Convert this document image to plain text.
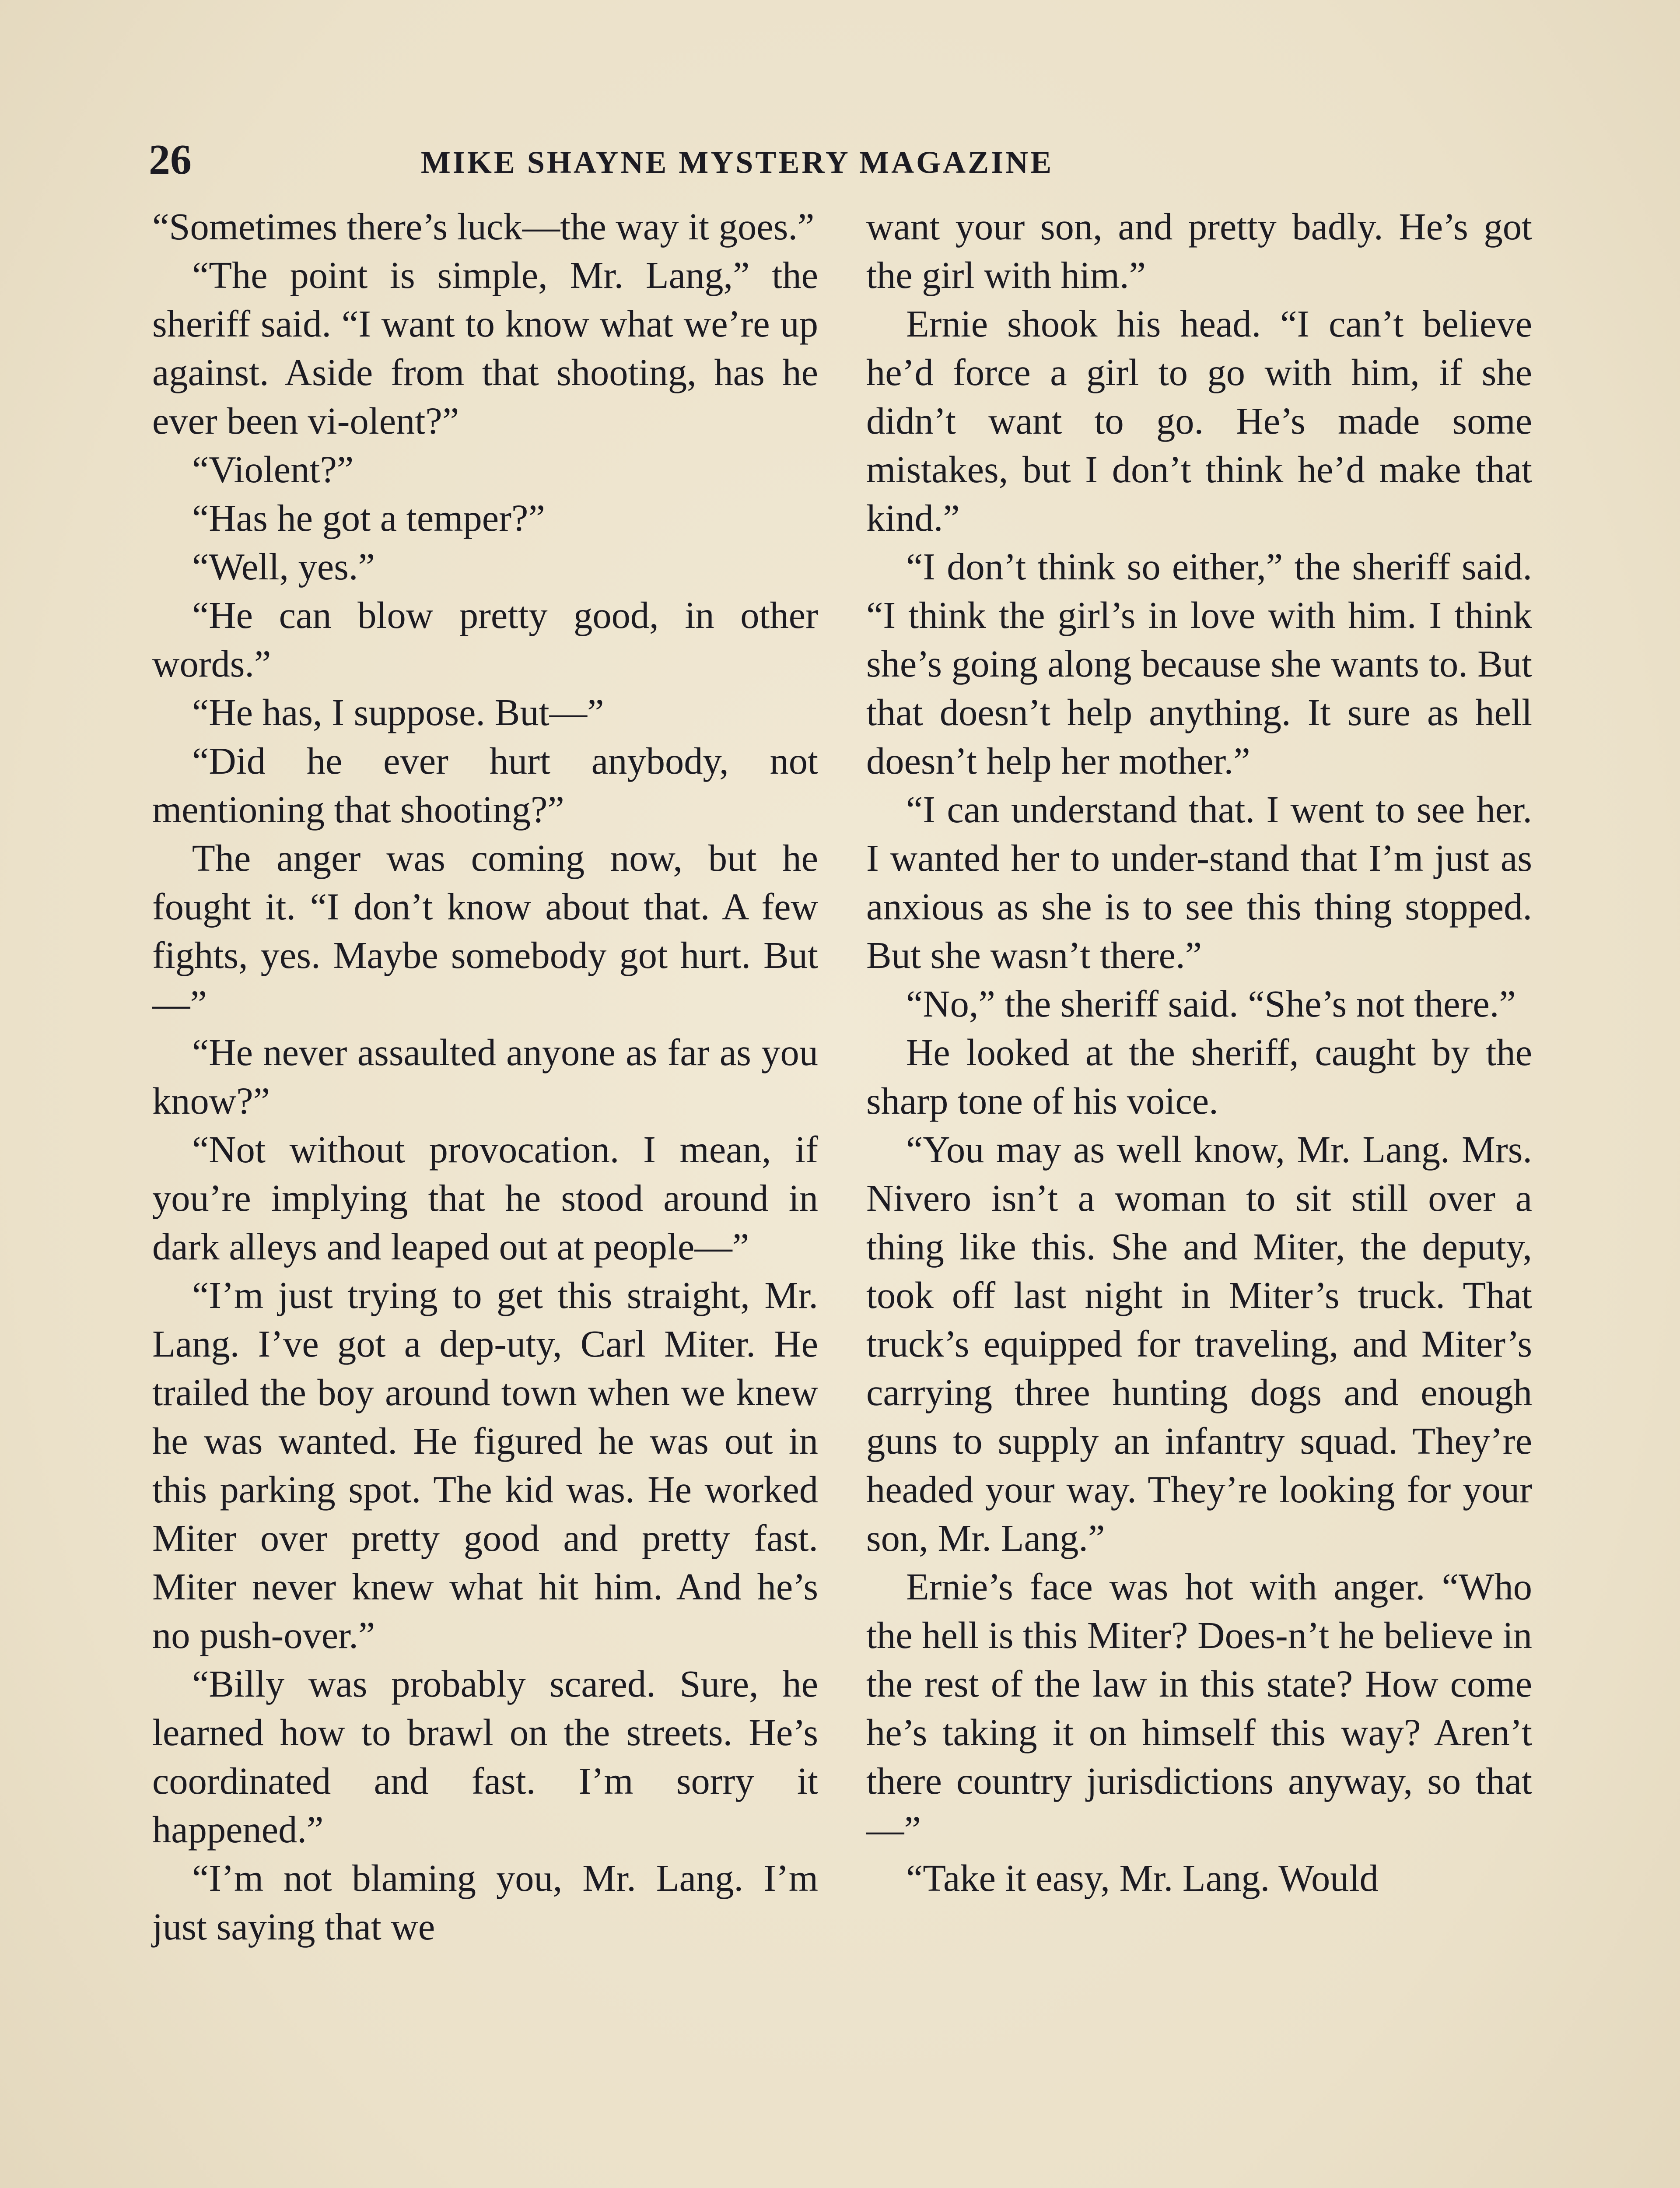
26	MIKE SHAYNE MYSTERY MAGAZINE

“Sometimes there’s luck—the way it goes.”

“The point is simple, Mr. Lang,” the sheriff said. “I want to know what we’re up against. Aside from that shooting, has he ever been vi-olent?”

“Violent?”

“Has he got a temper?”

“Well, yes.”

“He can blow pretty good, in other words.”

“He has, I suppose. But—”

“Did he ever hurt anybody, not mentioning that shooting?”

The anger was coming now, but he fought it. “I don’t know about that. A few fights, yes. Maybe somebody got hurt. But—”

“He never assaulted anyone as far as you know?”

“Not without provocation. I mean, if you’re implying that he stood around in dark alleys and leaped out at people—”

“I’m just trying to get this straight, Mr. Lang. I’ve got a dep-uty, Carl Miter. He trailed the boy around town when we knew he was wanted. He figured he was out in this parking spot. The kid was. He worked Miter over pretty good and pretty fast. Miter never knew what hit him. And he’s no push-over.”

“Billy was probably scared. Sure, he learned how to brawl on the streets. He’s coordinated and fast. I’m sorry it happened.”

“I’m not blaming you, Mr. Lang. I’m just saying that we

want your son, and pretty badly. He’s got the girl with him.”

Ernie shook his head. “I can’t believe he’d force a girl to go with him, if she didn’t want to go. He’s made some mistakes, but I don’t think he’d make that kind.”

“I don’t think so either,” the sheriff said. “I think the girl’s in love with him. I think she’s going along because she wants to. But that doesn’t help anything. It sure as hell doesn’t help her mother.”

“I can understand that. I went to see her. I wanted her to under-stand that I’m just as anxious as she is to see this thing stopped. But she wasn’t there.”

“No,” the sheriff said. “She’s not there.”

He looked at the sheriff, caught by the sharp tone of his voice.

“You may as well know, Mr. Lang. Mrs. Nivero isn’t a woman to sit still over a thing like this. She and Miter, the deputy, took off last night in Miter’s truck. That truck’s equipped for traveling, and Miter’s carrying three hunting dogs and enough guns to supply an infantry squad. They’re headed your way. They’re looking for your son, Mr. Lang.”

Ernie’s face was hot with anger. “Who the hell is this Miter? Does-n’t he believe in the rest of the law in this state? How come he’s taking it on himself this way? Aren’t there country jurisdictions anyway, so that—”

“Take it easy, Mr. Lang. Would
